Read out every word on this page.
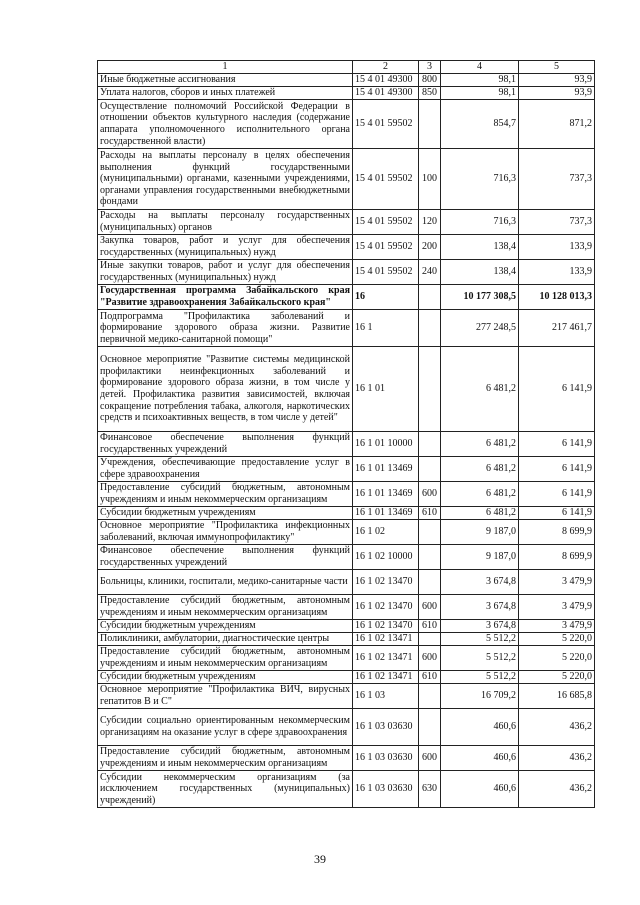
1	2	3	4	5
Иные бюджетные ассигнования	15 4 01 49300	800	98,1	93,9
Уплата налогов, сборов и иных платежей	15 4 01 49300	850	98,1	93,9
Осуществление полномочий Российской Федерации в отношении объектов культурного наследия (содержание аппарата уполномоченного исполнительного органа государственной власти)	15 4 01 59502		854,7	871,2
Расходы на выплаты персоналу в целях обеспечения выполнения функций государственными (муниципальными) органами, казенными учреждениями, органами управления государственными внебюджетными фондами	15 4 01 59502	100	716,3	737,3
Расходы на выплаты персоналу государственных (муниципальных) органов	15 4 01 59502	120	716,3	737,3
Закупка товаров, работ и услуг для обеспечения государственных (муниципальных) нужд	15 4 01 59502	200	138,4	133,9
Иные закупки товаров, работ и услуг для обеспечения государственных (муниципальных) нужд	15 4 01 59502	240	138,4	133,9
Государственная программа Забайкальского края "Развитие здравоохранения Забайкальского края"	16		10 177 308,5	10 128 013,3
Подпрограмма "Профилактика заболеваний и формирование здорового образа жизни. Развитие первичной медико-санитарной помощи"	16 1		277 248,5	217 461,7
Основное мероприятие "Развитие системы медицинской профилактики неинфекционных заболеваний и формирование здорового образа жизни, в том числе у детей. Профилактика развития зависимостей, включая сокращение потребления табака, алкоголя, наркотических средств и психоактивных веществ, в том числе у детей"	16 1 01		6 481,2	6 141,9
Финансовое обеспечение выполнения функций государственных учреждений	16 1 01 10000		6 481,2	6 141,9
Учреждения, обеспечивающие предоставление услуг в сфере здравоохранения	16 1 01 13469		6 481,2	6 141,9
Предоставление субсидий бюджетным, автономным учреждениям и иным некоммерческим организациям	16 1 01 13469	600	6 481,2	6 141,9
Субсидии бюджетным учреждениям	16 1 01 13469	610	6 481,2	6 141,9
Основное мероприятие "Профилактика инфекционных заболеваний, включая иммунопрофилактику"	16 1 02		9 187,0	8 699,9
Финансовое обеспечение выполнения функций государственных учреждений	16 1 02 10000		9 187,0	8 699,9
Больницы, клиники, госпитали, медико-санитарные части	16 1 02 13470		3 674,8	3 479,9
Предоставление субсидий бюджетным, автономным учреждениям и иным некоммерческим организациям	16 1 02 13470	600	3 674,8	3 479,9
Субсидии бюджетным учреждениям	16 1 02 13470	610	3 674,8	3 479,9
Поликлиники, амбулатории, диагностические центры	16 1 02 13471		5 512,2	5 220,0
Предоставление субсидий бюджетным, автономным учреждениям и иным некоммерческим организациям	16 1 02 13471	600	5 512,2	5 220,0
Субсидии бюджетным учреждениям	16 1 02 13471	610	5 512,2	5 220,0
Основное мероприятие "Профилактика ВИЧ, вирусных гепатитов В и С"	16 1 03		16 709,2	16 685,8
Субсидии социально ориентированным некоммерческим организациям на оказание услуг в сфере здравоохранения	16 1 03 03630		460,6	436,2
Предоставление субсидий бюджетным, автономным учреждениям и иным некоммерческим организациям	16 1 03 03630	600	460,6	436,2
Субсидии некоммерческим организациям (за исключением государственных (муниципальных) учреждений)	16 1 03 03630	630	460,6	436,2
39
